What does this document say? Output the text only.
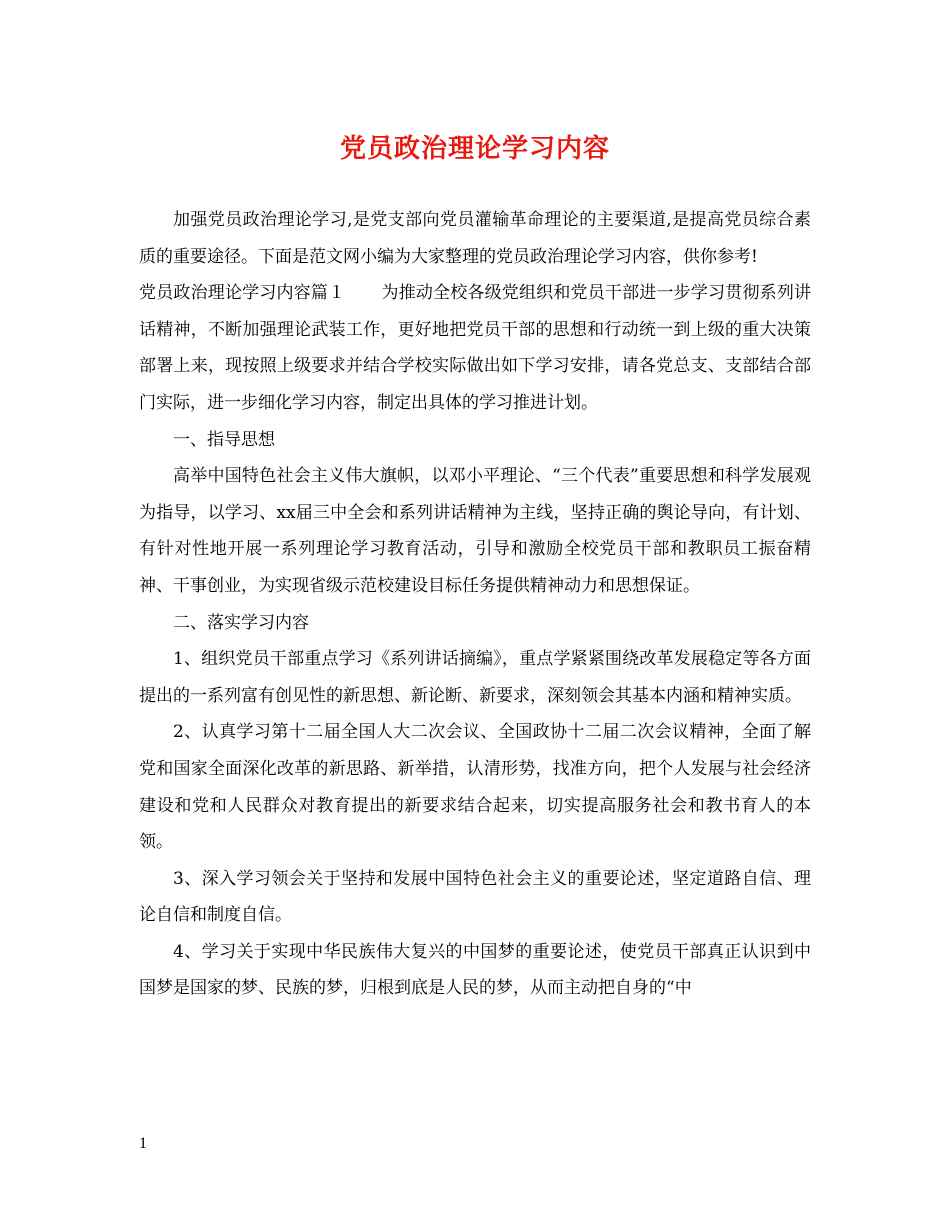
党员政治理论学习内容

加强党员政治理论学习,是党支部向党员灌输革命理论的主要渠道,是提高党员综合素质的重要途径。下面是范文网小编为大家整理的党员政治理论学习内容，供你参考!

党员政治理论学习内容篇１ 为推动全校各级党组织和党员干部进一步学习贯彻系列讲话精神，不断加强理论武装工作，更好地把党员干部的思想和行动统一到上级的重大决策部署上来，现按照上级要求并结合学校实际做出如下学习安排，请各党总支、支部结合部门实际，进一步细化学习内容，制定出具体的学习推进计划。

一、指导思想

高举中国特色社会主义伟大旗帜，以邓小平理论、“三个代表”重要思想和科学发展观为指导，以学习、xx届三中全会和系列讲话精神为主线，坚持正确的舆论导向，有计划、有针对性地开展一系列理论学习教育活动，引导和激励全校党员干部和教职员工振奋精神、干事创业，为实现省级示范校建设目标任务提供精神动力和思想保证。

二、落实学习内容

1、组织党员干部重点学习《系列讲话摘编》，重点学紧紧围绕改革发展稳定等各方面提出的一系列富有创见性的新思想、新论断、新要求，深刻领会其基本内涵和精神实质。

2、认真学习第十二届全国人大二次会议、全国政协十二届二次会议精神，全面了解党和国家全面深化改革的新思路、新举措，认清形势，找准方向，把个人发展与社会经济建设和党和人民群众对教育提出的新要求结合起来，切实提高服务社会和教书育人的本领。

3、深入学习领会关于坚持和发展中国特色社会主义的重要论述，坚定道路自信、理论自信和制度自信。

4、学习关于实现中华民族伟大复兴的中国梦的重要论述，使党员干部真正认识到中国梦是国家的梦、民族的梦，归根到底是人民的梦，从而主动把自身的“中

1
